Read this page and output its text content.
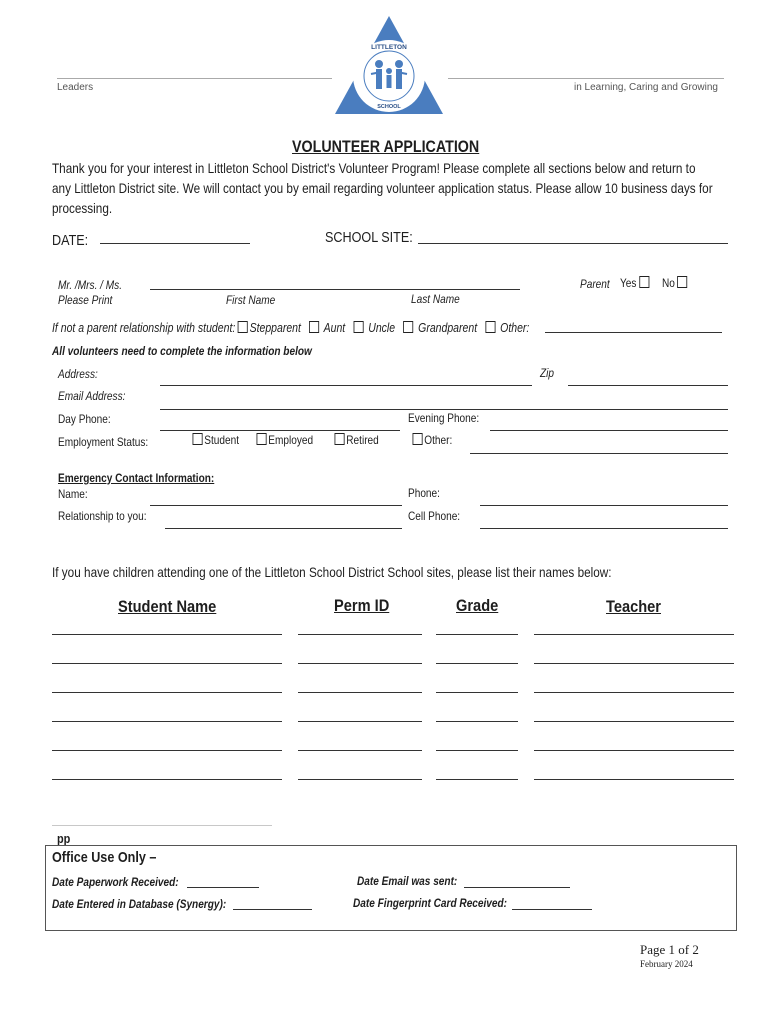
Leaders	in Learning, Caring and Growing
LITTLETON
SCHOOL
VOLUNTEER APPLICATION
Thank you for your interest in Littleton School District's Volunteer Program! Please complete all sections below and return to any Littleton District site. We will contact you by email regarding volunteer application status. Please allow 10 business days for processing.
DATE:	SCHOOL SITE:
Mr. /Mrs. / Ms.
Please Print	First Name	Last Name
Parent Yes	No
If not a parent relationship with student: Stepparent Aunt Uncle Grandparent Other:
All volunteers need to complete the information below
Address:	Zip
Email Address:
Day Phone:	Evening Phone:
Employment Status:	Student	Employed	Retired	Other:
Emergency Contact Information:
Name:	Phone:
Relationship to you:	Cell Phone:
If you have children attending one of the Littleton School District School sites, please list their names below:
Student Name	Perm ID	Grade	Teacher
pp
Office Use Only –
Date Paperwork Received:	Date Email was sent:
Date Entered in Database (Synergy):	Date Fingerprint Card Received:
Page 1 of 2
February 2024
